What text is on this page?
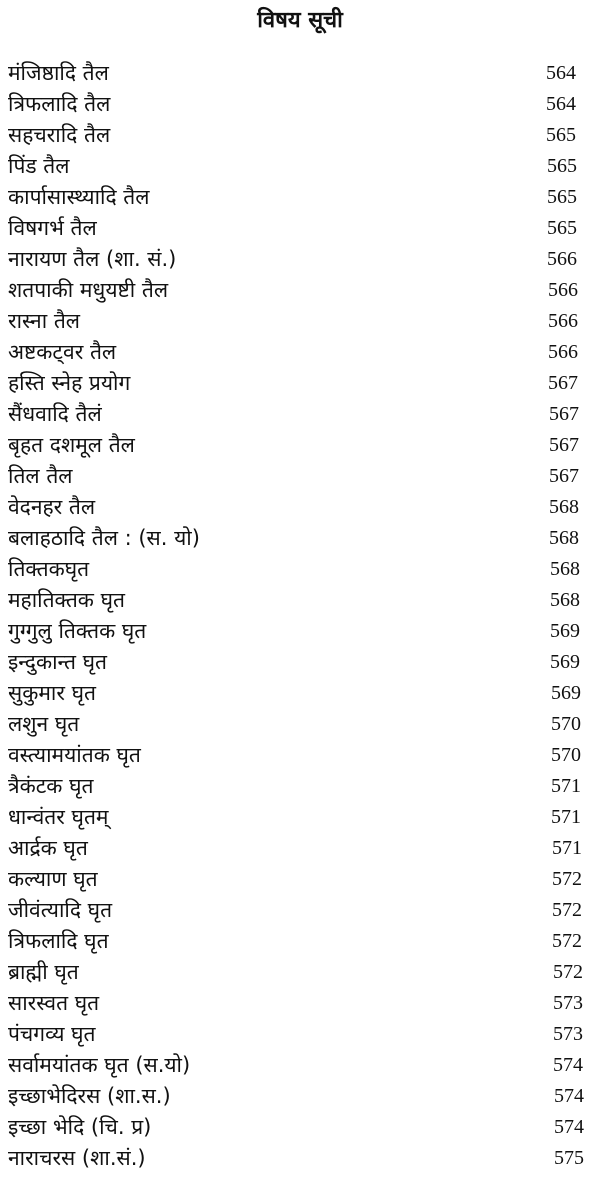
विषय सूची
मंजिष्ठादि तैल	564
त्रिफलादि तैल	564
सहचरादि तैल	565
पिंड तैल	565
कार्पासास्थ्यादि तैल	565
विषगर्भ तैल	565
नारायण तैल (शा. सं.)	566
शतपाकी मधुयष्टी तैल	566
रास्ना तैल	566
अष्टकट्वर तैल	566
हस्ति स्नेह प्रयोग	567
सैंधवादि तैलं	567
बृहत दशमूल तैल	567
तिल तैल	567
वेदनहर तैल	568
बलाहठादि तैल : (स. यो)	568
तिक्तकघृत	568
महातिक्तक घृत	568
गुग्गुलु तिक्तक घृत	569
इन्दुकान्त घृत	569
सुकुमार घृत	569
लशुन घृत	570
वस्त्यामयांतक घृत	570
त्रैकंटक घृत	571
धान्वंतर घृतम्	571
आर्द्रक घृत	571
कल्याण घृत	572
जीवंत्यादि घृत	572
त्रिफलादि घृत	572
ब्राह्मी घृत	572
सारस्वत घृत	573
पंचगव्य घृत	573
सर्वामयांतक घृत (स.यो)	574
इच्छाभेदिरस (शा.स.)	574
इच्छा भेदि (चि. प्र)	574
नाराचरस (शा.सं.)	575
